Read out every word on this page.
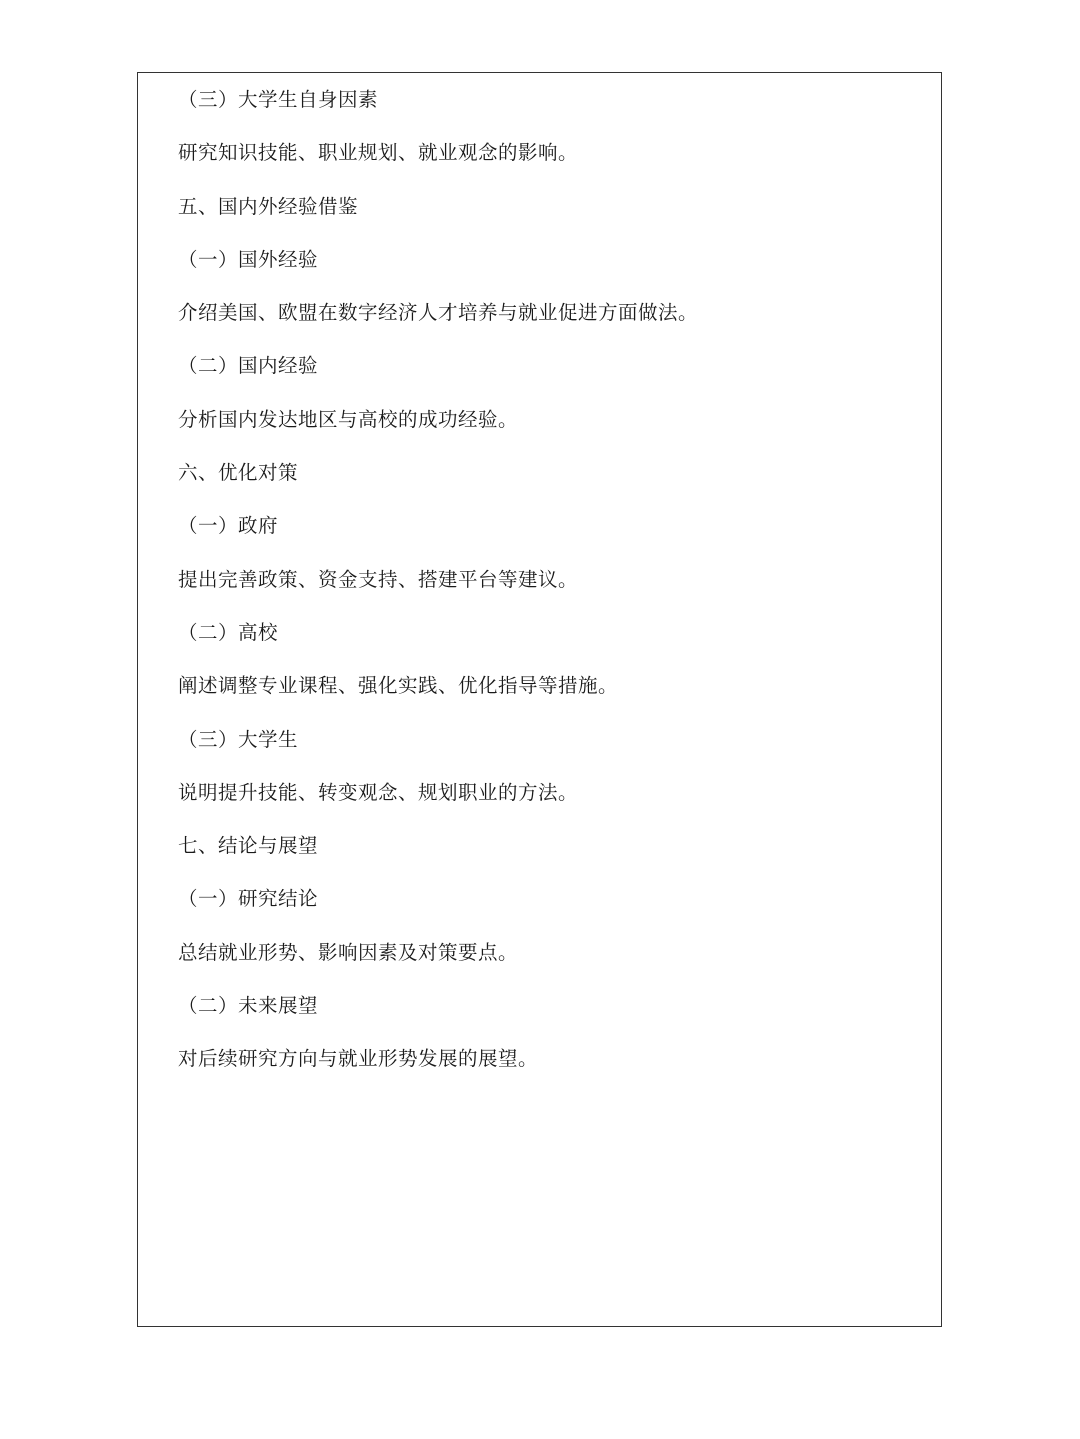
（三）大学生自身因素
研究知识技能、职业规划、就业观念的影响。
五、国内外经验借鉴
（一）国外经验
介绍美国、欧盟在数字经济人才培养与就业促进方面做法。
（二）国内经验
分析国内发达地区与高校的成功经验。
六、优化对策
（一）政府
提出完善政策、资金支持、搭建平台等建议。
（二）高校
阐述调整专业课程、强化实践、优化指导等措施。
（三）大学生
说明提升技能、转变观念、规划职业的方法。
七、结论与展望
（一）研究结论
总结就业形势、影响因素及对策要点。
（二）未来展望
对后续研究方向与就业形势发展的展望。
